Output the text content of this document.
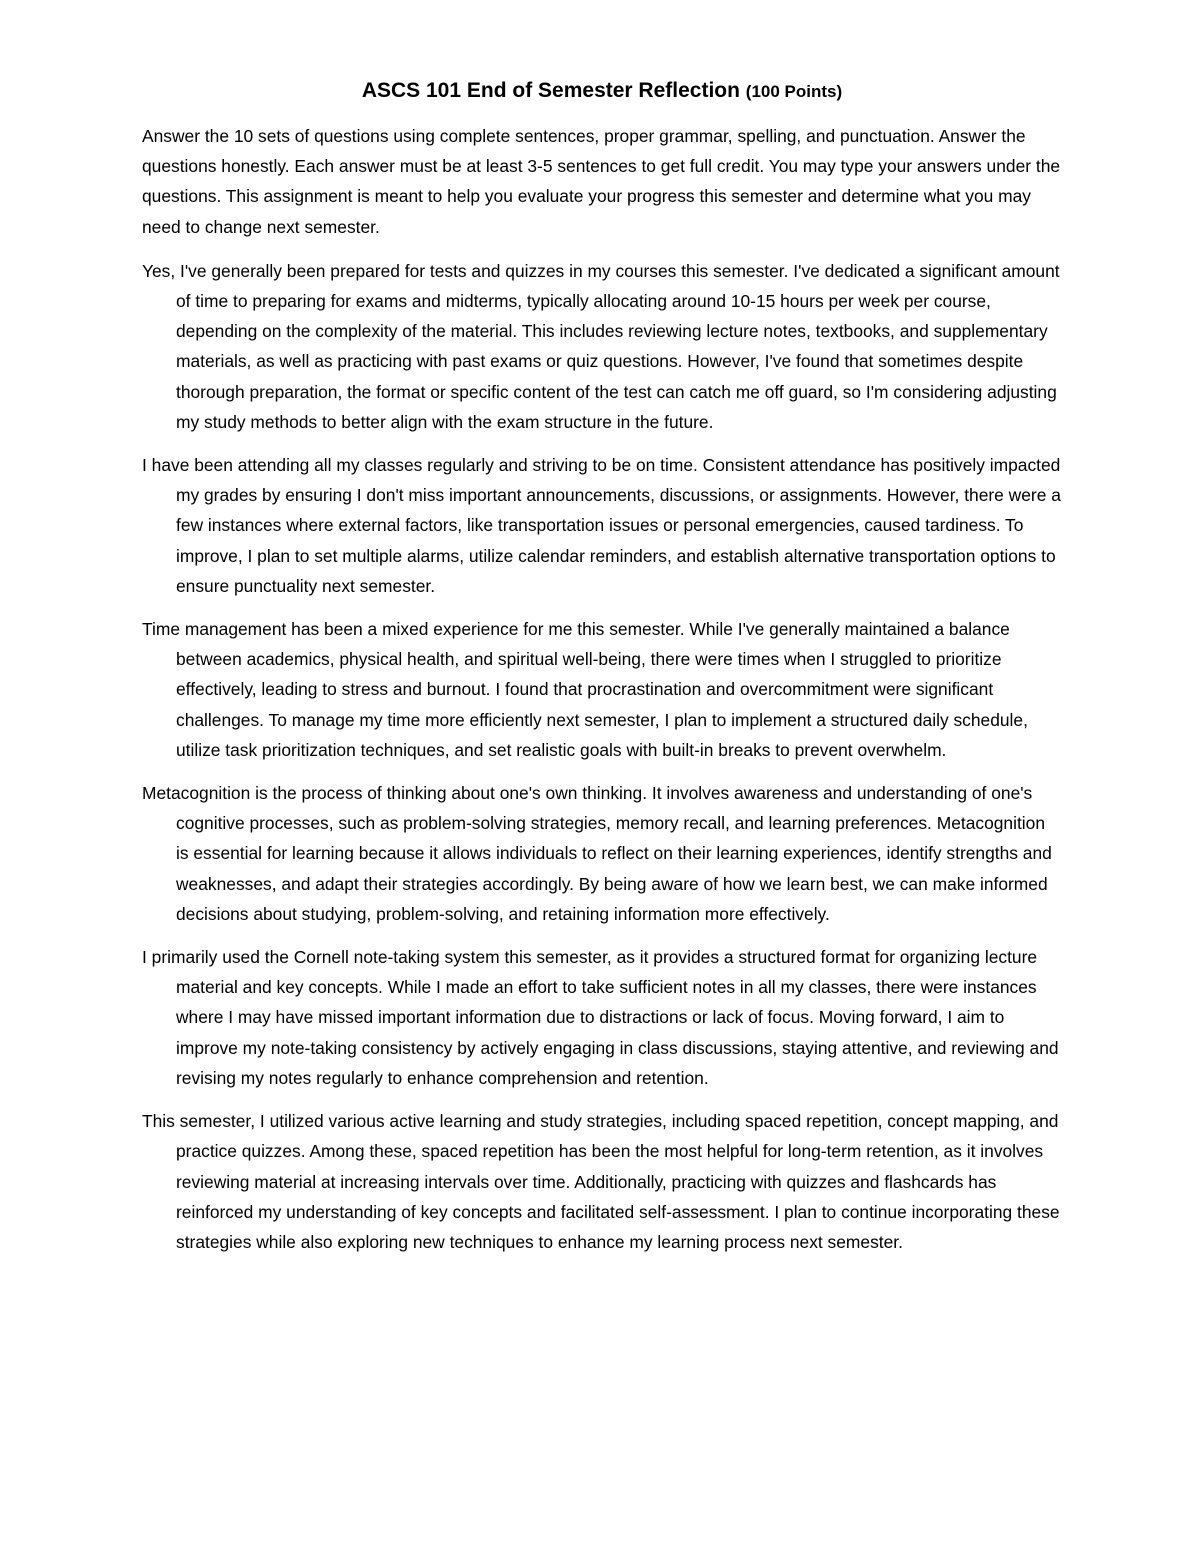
ASCS 101 End of Semester Reflection (100 Points)

Answer the 10 sets of questions using complete sentences, proper grammar, spelling, and punctuation. Answer the questions honestly. Each answer must be at least 3-5 sentences to get full credit. You may type your answers under the questions. This assignment is meant to help you evaluate your progress this semester and determine what you may need to change next semester.

Yes, I've generally been prepared for tests and quizzes in my courses this semester. I've dedicated a significant amount of time to preparing for exams and midterms, typically allocating around 10-15 hours per week per course, depending on the complexity of the material. This includes reviewing lecture notes, textbooks, and supplementary materials, as well as practicing with past exams or quiz questions. However, I've found that sometimes despite thorough preparation, the format or specific content of the test can catch me off guard, so I'm considering adjusting my study methods to better align with the exam structure in the future.

I have been attending all my classes regularly and striving to be on time. Consistent attendance has positively impacted my grades by ensuring I don't miss important announcements, discussions, or assignments. However, there were a few instances where external factors, like transportation issues or personal emergencies, caused tardiness. To improve, I plan to set multiple alarms, utilize calendar reminders, and establish alternative transportation options to ensure punctuality next semester.

Time management has been a mixed experience for me this semester. While I've generally maintained a balance between academics, physical health, and spiritual well-being, there were times when I struggled to prioritize effectively, leading to stress and burnout. I found that procrastination and overcommitment were significant challenges. To manage my time more efficiently next semester, I plan to implement a structured daily schedule, utilize task prioritization techniques, and set realistic goals with built-in breaks to prevent overwhelm.

Metacognition is the process of thinking about one's own thinking. It involves awareness and understanding of one's cognitive processes, such as problem-solving strategies, memory recall, and learning preferences. Metacognition is essential for learning because it allows individuals to reflect on their learning experiences, identify strengths and weaknesses, and adapt their strategies accordingly. By being aware of how we learn best, we can make informed decisions about studying, problem-solving, and retaining information more effectively.

I primarily used the Cornell note-taking system this semester, as it provides a structured format for organizing lecture material and key concepts. While I made an effort to take sufficient notes in all my classes, there were instances where I may have missed important information due to distractions or lack of focus. Moving forward, I aim to improve my note-taking consistency by actively engaging in class discussions, staying attentive, and reviewing and revising my notes regularly to enhance comprehension and retention.

This semester, I utilized various active learning and study strategies, including spaced repetition, concept mapping, and practice quizzes. Among these, spaced repetition has been the most helpful for long-term retention, as it involves reviewing material at increasing intervals over time. Additionally, practicing with quizzes and flashcards has reinforced my understanding of key concepts and facilitated self-assessment. I plan to continue incorporating these strategies while also exploring new techniques to enhance my learning process next semester.
